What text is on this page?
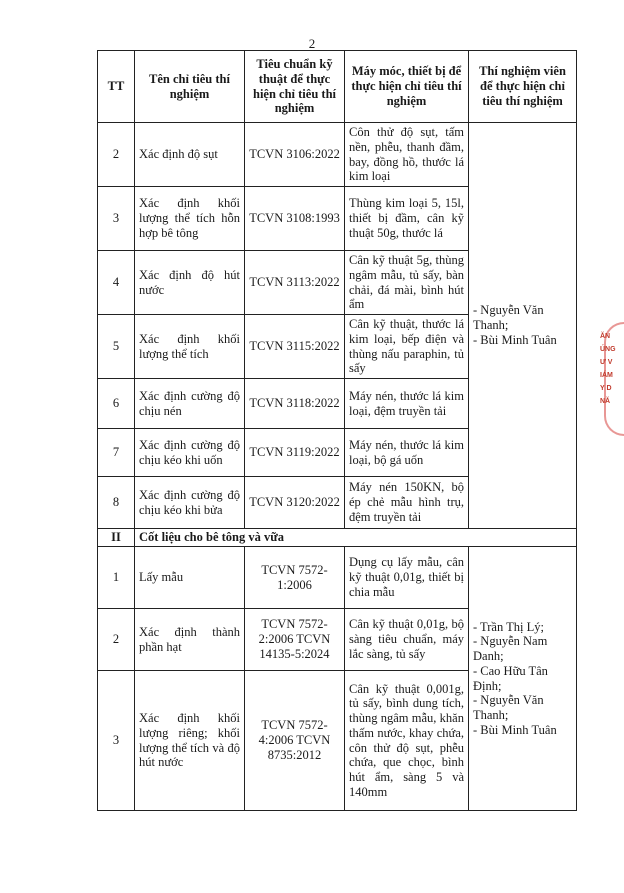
2
TT	Tên chỉ tiêu thí nghiệm	Tiêu chuẩn kỹ thuật để thực hiện chỉ tiêu thí nghiệm	Máy móc, thiết bị để thực hiện chỉ tiêu thí nghiệm	Thí nghiệm viên để thực hiện chỉ tiêu thí nghiệm
2	Xác định độ sụt	TCVN 3106:2022	Côn thử độ sụt, tấm nền, phễu, thanh đầm, bay, đồng hồ, thước lá kim loại	- Nguyễn Văn Thanh;
- Bùi Minh Tuân

3	Xác định khối lượng thể tích hỗn hợp bê tông	TCVN 3108:1993	Thùng kim loại 5, 15l, thiết bị đầm, cân kỹ thuật 50g, thước lá	
4	Xác định độ hút nước	TCVN 3113:2022	Cân kỹ thuật 5g, thùng ngâm mẫu, tủ sấy, bàn chải, đá mài, bình hút ẩm	
5	Xác định khối lượng thể tích	TCVN 3115:2022	Cân kỹ thuật, thước lá kim loại, bếp điện và thùng nấu paraphin, tủ sấy	
6	Xác định cường độ chịu nén	TCVN 3118:2022	Máy nén, thước lá kim loại, đệm truyền tải	
7	Xác định cường độ chịu kéo khi uốn	TCVN 3119:2022	Máy nén, thước lá kim loại, bộ gá uốn	
8	Xác định cường độ chịu kéo khi bửa	TCVN 3120:2022	Máy nén 150KN, bộ ép chẻ mẫu hình trụ, đệm truyền tải	
II	Cốt liệu cho bê tông và vữa			
1	Lấy mẫu	TCVN 7572-1:2006	Dụng cụ lấy mẫu, cân kỹ thuật 0,01g, thiết bị chia mẫu	- Trần Thị Lý;
- Nguyễn Nam Danh;
- Cao Hữu Tân Định;
- Nguyễn Văn Thanh;
- Bùi Minh Tuân

2	Xác định thành phần hạt	TCVN 7572-2:2006 TCVN 14135-5:2024	Cân kỹ thuật 0,01g, bộ sàng tiêu chuẩn, máy lắc sàng, tủ sấy	
3	Xác định khối lượng riêng; khối lượng thể tích và độ hút nước	TCVN 7572-4:2006 TCVN 8735:2012	Cân kỹ thuật 0,001g, tủ sấy, bình dung tích, thùng ngâm mẫu, khăn thấm nước, khay chứa, côn thử độ sụt, phễu chứa, que chọc, bình hút ẩm, sàng 5 và 140mm	
ĂN
ÚNG
Ư V
IÁM
Y D
NĂ
